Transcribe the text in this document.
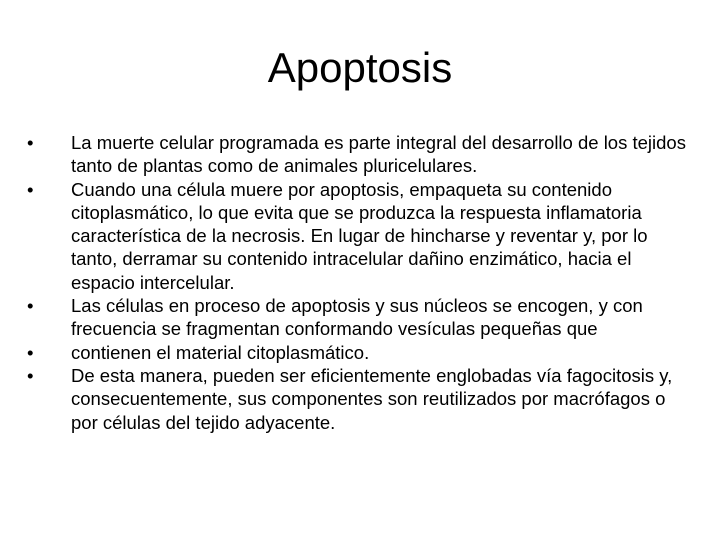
Apoptosis
•	La muerte celular programada es parte integral del desarrollo de los tejidos tanto de plantas como de animales pluricelulares.
•	Cuando una célula muere por apoptosis, empaqueta su contenido citoplasmático, lo que evita que se produzca la respuesta inflamatoria característica de la necrosis. En lugar de hincharse y reventar y, por lo tanto, derramar su contenido intracelular dañino enzimático, hacia el espacio intercelular.
•	Las células en proceso de apoptosis y sus núcleos se encogen, y con frecuencia se fragmentan conformando vesículas pequeñas que
•	contienen el material citoplasmático.
•	De esta manera, pueden ser eficientemente englobadas vía fagocitosis y, consecuentemente, sus componentes son reutilizados por macrófagos o por células del tejido adyacente.
